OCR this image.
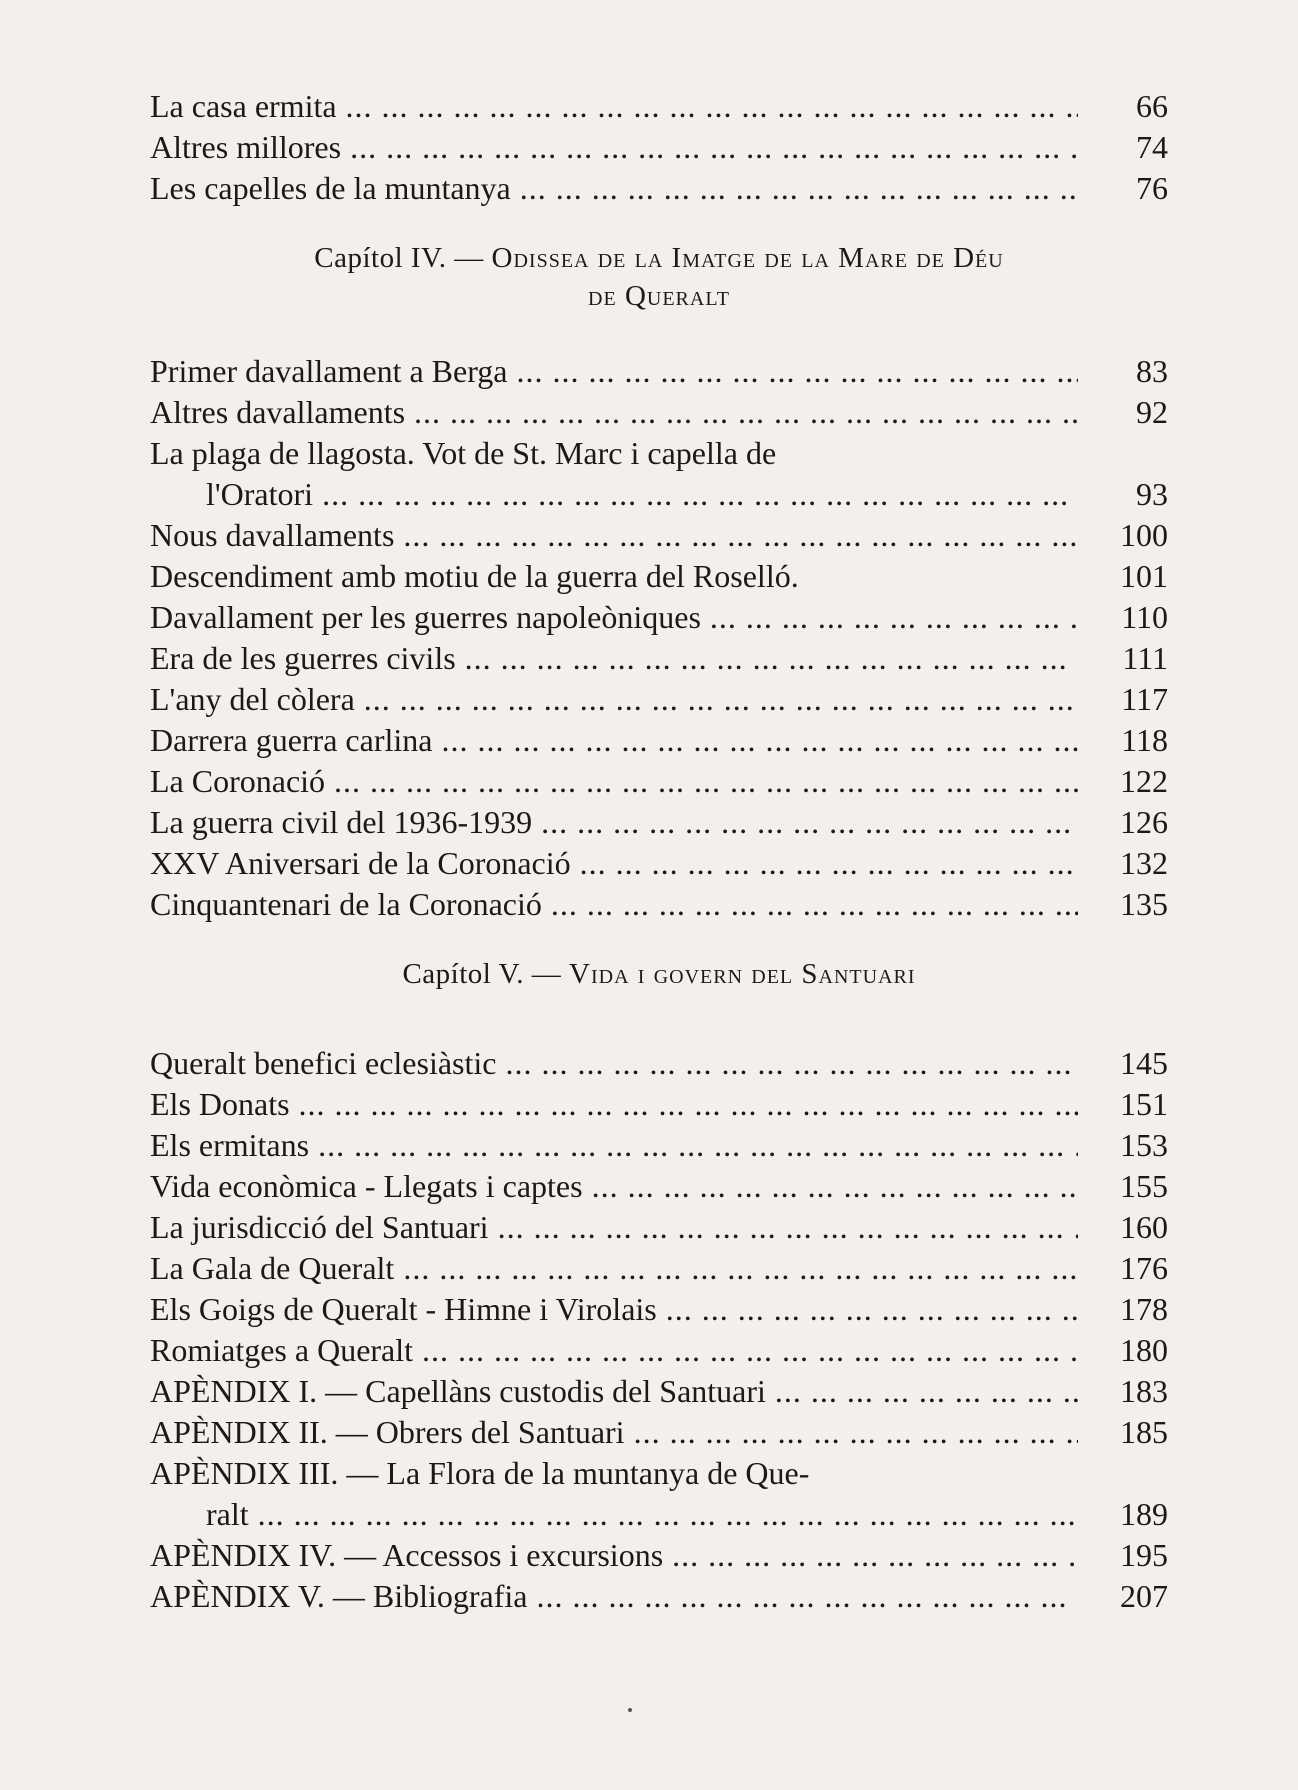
La casa ermita ... .	66
Altres millores ... .	74
Les capelles de la muntanya ... .	76
Capítol IV. — Odissea de la Imatge de la Mare de Déu
de Queralt
Primer davallament a Berga ... .	83
Altres davallaments ... .	92
La plaga de llagosta. Vot de St. Marc i capella de
l'Oratori ... .	93
Nous davallaments ... .	100
Descendiment amb motiu de la guerra del Roselló.	101
Davallament per les guerres napoleòniques ... .	110
Era de les guerres civils ... .	111
L'any del còlera ... .	117
Darrera guerra carlina ... .	118
La Coronació ... .	122
La guerra civil del 1936-1939 ... .	126
XXV Aniversari de la Coronació ... .	132
Cinquantenari de la Coronació ... .	135
Capítol V. — Vida i govern del Santuari
Queralt benefici eclesiàstic ... .	145
Els Donats ... .	151
Els ermitans ... .	153
Vida econòmica - Llegats i captes ... .	155
La jurisdicció del Santuari ... .	160
La Gala de Queralt ... .	176
Els Goigs de Queralt - Himne i Virolais ... .	178
Romiatges a Queralt ... .	180
APÈNDIX I. — Capellàns custodis del Santuari ... .	183
APÈNDIX II. — Obrers del Santuari ... .	185
APÈNDIX III. — La Flora de la muntanya de Que-
ralt ... .	189
APÈNDIX IV. — Accessos i excursions ... .	195
APÈNDIX V. — Bibliografia ... .	207
